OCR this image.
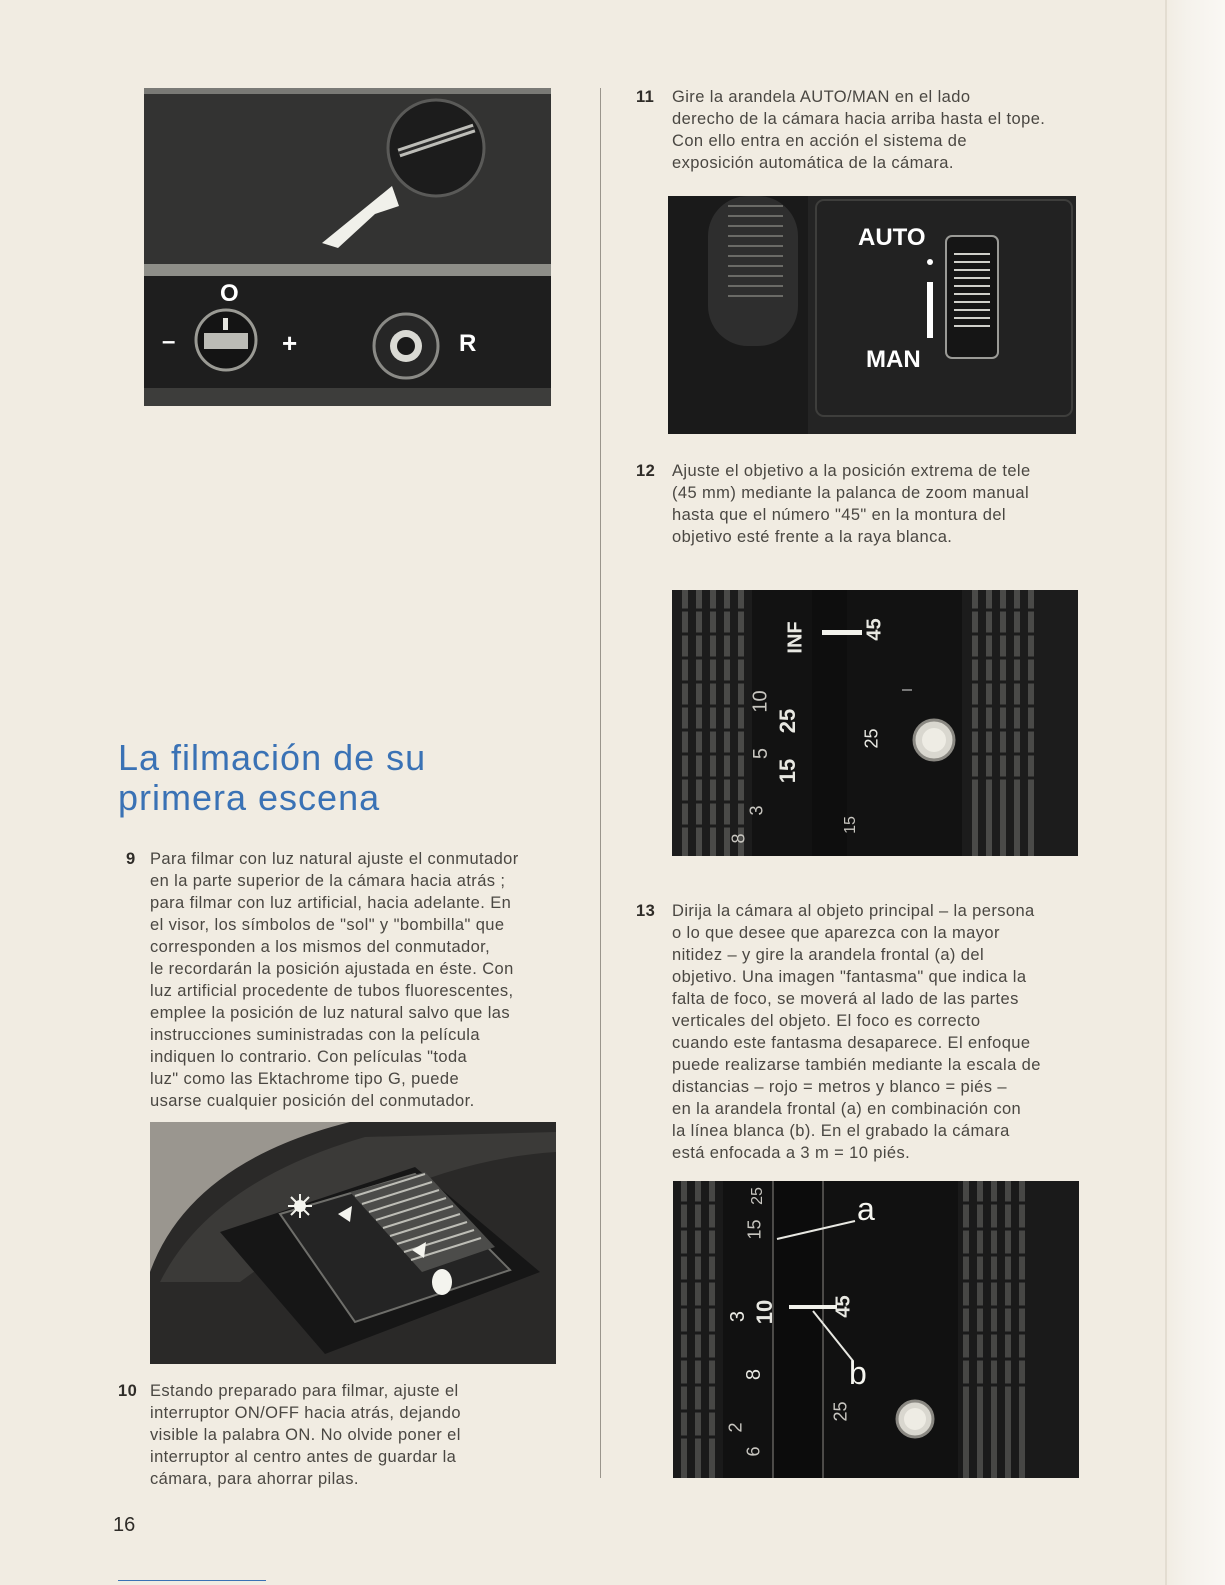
O
–	+	R
La filmación de su
primera escena
9 Para filmar con luz natural ajuste el conmutador
en la parte superior de la cámara hacia atrás ;
para filmar con luz artificial, hacia adelante. En
el visor, los símbolos de "sol" y "bombilla" que
corresponden a los mismos del conmutador,
le recordarán la posición ajustada en éste. Con
luz artificial procedente de tubos fluorescentes,
emplee la posición de luz natural salvo que las
instrucciones suministradas con la película
indiquen lo contrario. Con películas "toda
luz" como las Ektachrome tipo G, puede
usarse cualquier posición del conmutador.

10 Estando preparado para filmar, ajuste el
interruptor ON/OFF hacia atrás, dejando
visible la palabra ON. No olvide poner el
interruptor al centro antes de guardar la
cámara, para ahorrar pilas.

16
11 Gire la arandela AUTO/MAN en el lado
derecho de la cámara hacia arriba hasta el tope.
Con ello entra en acción el sistema de
exposición automática de la cámara.

AUTO
MAN
12 Ajuste el objetivo a la posición extrema de tele
(45 mm) mediante la palanca de zoom manual
hasta que el número "45" en la montura del
objetivo esté frente a la raya blanca.

INF	45
10
25
5
15
25
3
8
15
13 Dirija la cámara al objeto principal – la persona
o lo que desee que aparezca con la mayor
nitidez – y gire la arandela frontal (a) del
objetivo. Una imagen "fantasma" que indica la
falta de foco, se moverá al lado de las partes
verticales del objeto. El foco es correcto
cuando este fantasma desaparece. El enfoque
puede realizarse también mediante la escala de
distancias – rojo = metros y blanco = piés –
en la arandela frontal (a) en combinación con
la línea blanca (b). En el grabado la cámara
está enfocada a 3 m = 10 piés.

a
b
15
25
3 10	45
8
25
2
6
